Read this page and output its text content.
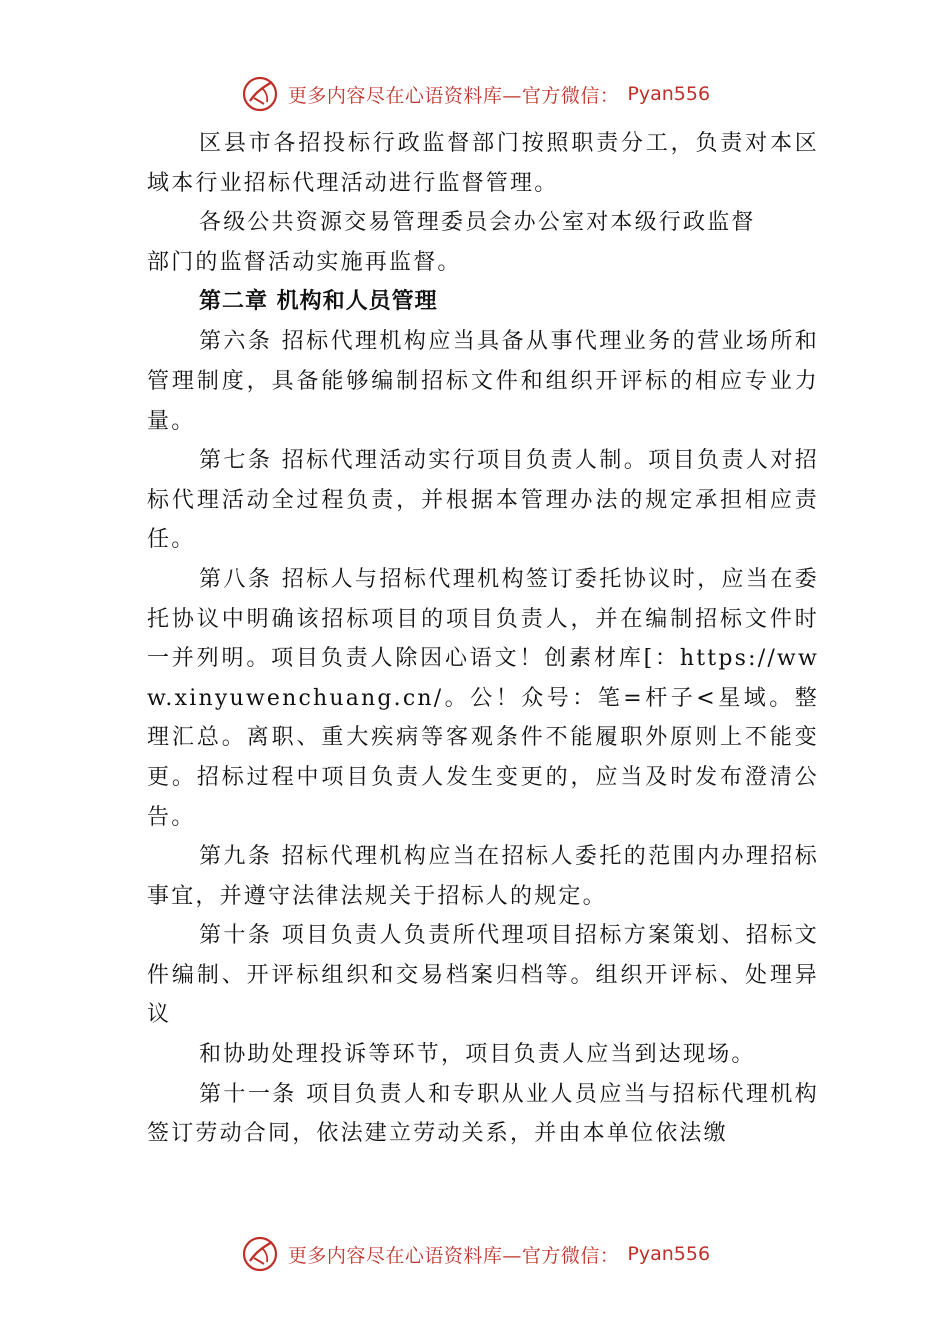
更多内容尽在心语资料库—官方微信： Pyan556

区县市各招投标行政监督部门按照职责分工，负责对本区域本行业招标代理活动进行监督管理。

各级公共资源交易管理委员会办公室对本级行政监督

部门的监督活动实施再监督。

第二章 机构和人员管理

第六条 招标代理机构应当具备从事代理业务的营业场所和管理制度，具备能够编制招标文件和组织开评标的相应专业力量。

第七条 招标代理活动实行项目负责人制。项目负责人对招标代理活动全过程负责，并根据本管理办法的规定承担相应责任。

第八条 招标人与招标代理机构签订委托协议时，应当在委托协议中明确该招标项目的项目负责人，并在编制招标文件时一并列明。项目负责人除因心语文！创素材库[：https://www.xinyuwenchuang.cn/。公！众号：笔=杆子<星域。整理汇总。离职、重大疾病等客观条件不能履职外原则上不能变更。招标过程中项目负责人发生变更的，应当及时发布澄清公告。

第九条 招标代理机构应当在招标人委托的范围内办理招标事宜，并遵守法律法规关于招标人的规定。

第十条 项目负责人负责所代理项目招标方案策划、招标文件编制、开评标组织和交易档案归档等。组织开评标、处理异议

和协助处理投诉等环节，项目负责人应当到达现场。

第十一条 项目负责人和专职从业人员应当与招标代理机构签订劳动合同，依法建立劳动关系，并由本单位依法缴

更多内容尽在心语资料库—官方微信： Pyan556
